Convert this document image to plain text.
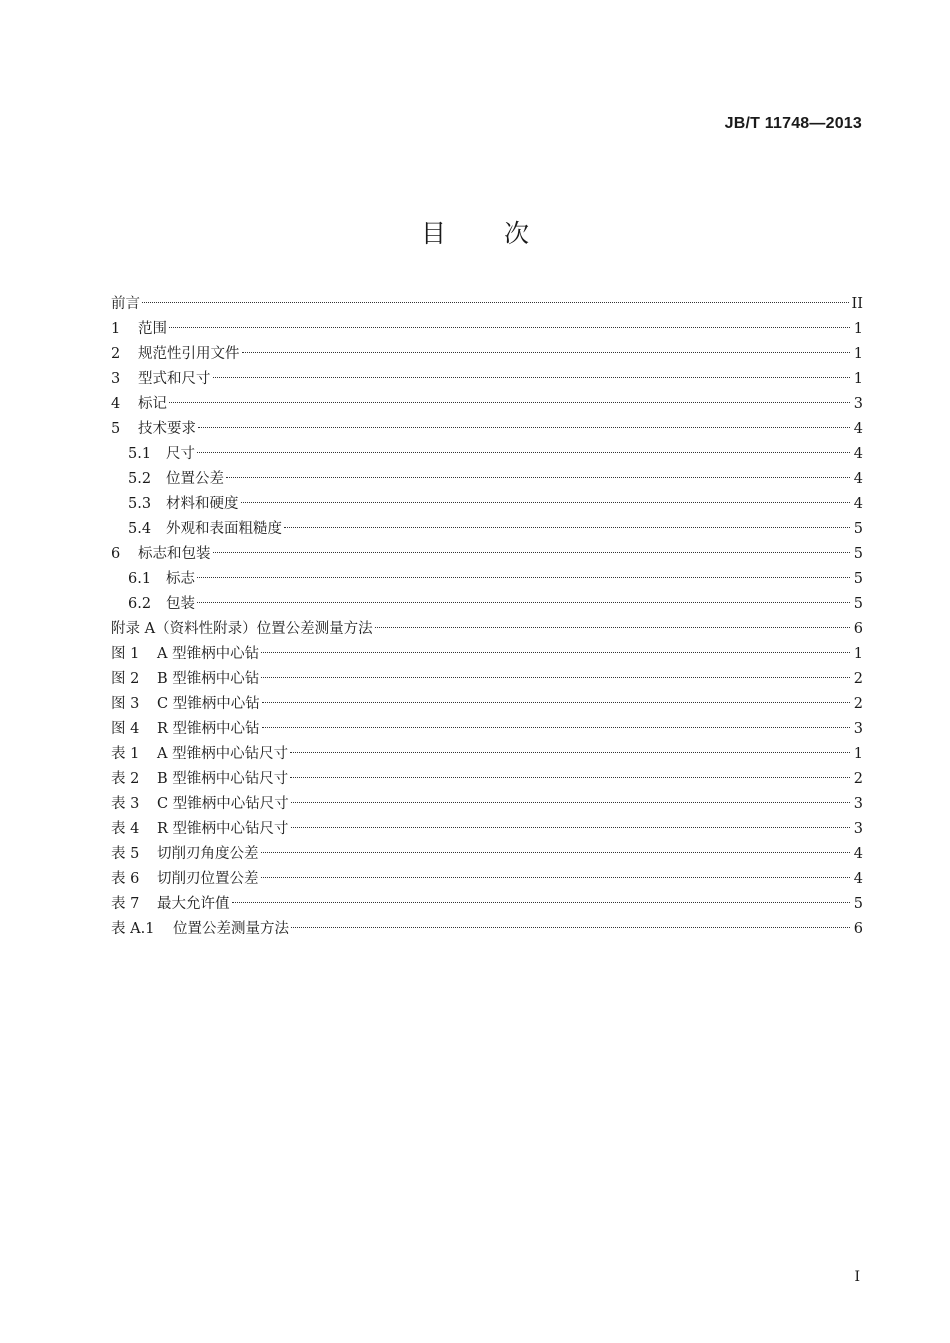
JB/T 11748—2013
目 次
前言	II
1	范围	1
2	规范性引用文件	1
3	型式和尺寸	1
4	标记	3
5	技术要求	4
5.1	尺寸	4
5.2	位置公差	4
5.3	材料和硬度	4
5.4	外观和表面粗糙度	5
6	标志和包装	5
6.1	标志	5
6.2	包装	5
附录 A（资料性附录）位置公差测量方法	6
图 1	A 型锥柄中心钻	1
图 2	B 型锥柄中心钻	2
图 3	C 型锥柄中心钻	2
图 4	R 型锥柄中心钻	3
表 1	A 型锥柄中心钻尺寸	1
表 2	B 型锥柄中心钻尺寸	2
表 3	C 型锥柄中心钻尺寸	3
表 4	R 型锥柄中心钻尺寸	3
表 5	切削刃角度公差	4
表 6	切削刃位置公差	4
表 7	最大允许值	5
表 A.1	位置公差测量方法	6
I
